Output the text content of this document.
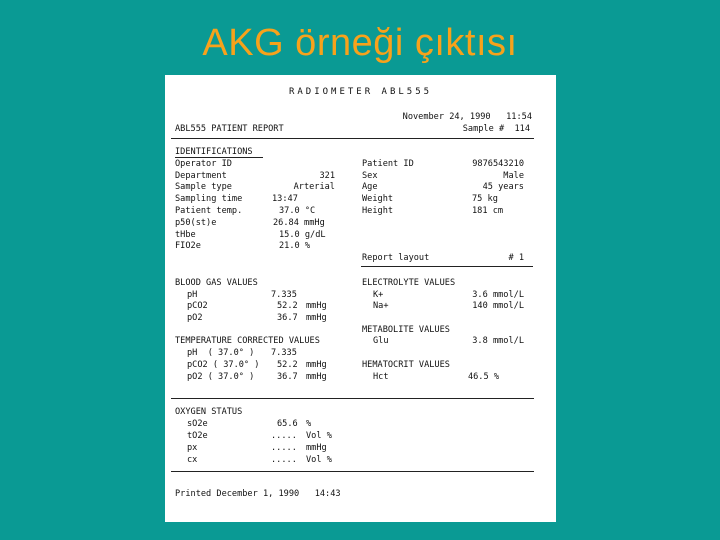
AKG örneği çıktısı
RADIOMETER ABL555
November 24, 1990   11:54
ABL555 PATIENT REPORT	Sample #  114
IDENTIFICATIONS
Operator ID
Department	321
Sample type	Arterial
Sampling time	13:47
Patient temp.	37.0 °C
p50(st)e	26.84 mmHg
tHbe	15.0 g/dL
FIO2e	21.0 %
Patient ID	9876543210
Sex	Male
Age	45 years
Weight	75 kg
Height	181 cm
Report layout	# 1
BLOOD GAS VALUES
pH	7.335
pCO2	52.2 mmHg
pO2	36.7 mmHg
ELECTROLYTE VALUES
K+	3.6 mmol/L
Na+	140 mmol/L
METABOLITE VALUES
Glu	3.8 mmol/L
TEMPERATURE CORRECTED VALUES
pH  ( 37.0° ) 7.335
pCO2 ( 37.0° ) 52.2 mmHg
pO2 ( 37.0° )	36.7 mmHg
HEMATOCRIT VALUES
Hct	46.5 %
OXYGEN STATUS
sO2e	65.6 %
tO2e	..... Vol %
px	..... mmHg
cx	..... Vol %
Printed December 1, 1990   14:43
